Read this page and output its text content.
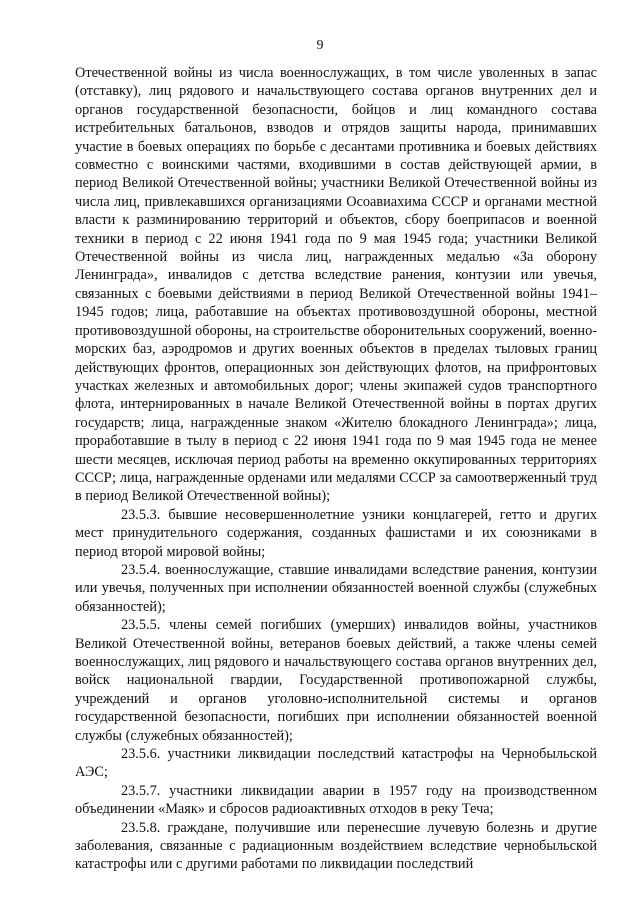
9

Отечественной войны из числа военнослужащих, в том числе уволенных в запас (отставку), лиц рядового и начальствующего состава органов внутренних дел и органов государственной безопасности, бойцов и лиц командного состава истребительных батальонов, взводов и отрядов защиты народа, принимавших участие в боевых операциях по борьбе с десантами противника и боевых действиях совместно с воинскими частями, входившими в состав действующей армии, в период Великой Отечественной войны; участники Великой Отечественной войны из числа лиц, привлекавшихся организациями Осоавиахима СССР и органами местной власти к разминированию территорий и объектов, сбору боеприпасов и военной техники в период с 22 июня 1941 года по 9 мая 1945 года; участники Великой Отечественной войны из числа лиц, награжденных медалью «За оборону Ленинграда», инвалидов с детства вследствие ранения, контузии или увечья, связанных с боевыми действиями в период Великой Отечественной войны 1941–1945 годов; лица, работавшие на объектах противовоздушной обороны, местной противовоздушной обороны, на строительстве оборонительных сооружений, военно-морских баз, аэродромов и других военных объектов в пределах тыловых границ действующих фронтов, операционных зон действующих флотов, на прифронтовых участках железных и автомобильных дорог; члены экипажей судов транспортного флота, интернированных в начале Великой Отечественной войны в портах других государств; лица, награжденные знаком «Жителю блокадного Ленинграда»; лица, проработавшие в тылу в период с 22 июня 1941 года по 9 мая 1945 года не менее шести месяцев, исключая период работы на временно оккупированных территориях СССР; лица, награжденные орденами или медалями СССР за самоотверженный труд в период Великой Отечественной войны);

23.5.3. бывшие несовершеннолетние узники концлагерей, гетто и других мест принудительного содержания, созданных фашистами и их союзниками в период второй мировой войны;

23.5.4. военнослужащие, ставшие инвалидами вследствие ранения, контузии или увечья, полученных при исполнении обязанностей военной службы (служебных обязанностей);

23.5.5. члены семей погибших (умерших) инвалидов войны, участников Великой Отечественной войны, ветеранов боевых действий, а также члены семей военнослужащих, лиц рядового и начальствующего состава органов внутренних дел, войск национальной гвардии, Государственной противопожарной службы, учреждений и органов уголовно-исполнительной системы и органов государственной безопасности, погибших при исполнении обязанностей военной службы (служебных обязанностей);

23.5.6. участники ликвидации последствий катастрофы на Чернобыльской АЭС;

23.5.7. участники ликвидации аварии в 1957 году на производственном объединении «Маяк» и сбросов радиоактивных отходов в реку Теча;

23.5.8. граждане, получившие или перенесшие лучевую болезнь и другие заболевания, связанные с радиационным воздействием вследствие чернобыльской катастрофы или с другими работами по ликвидации последствий
